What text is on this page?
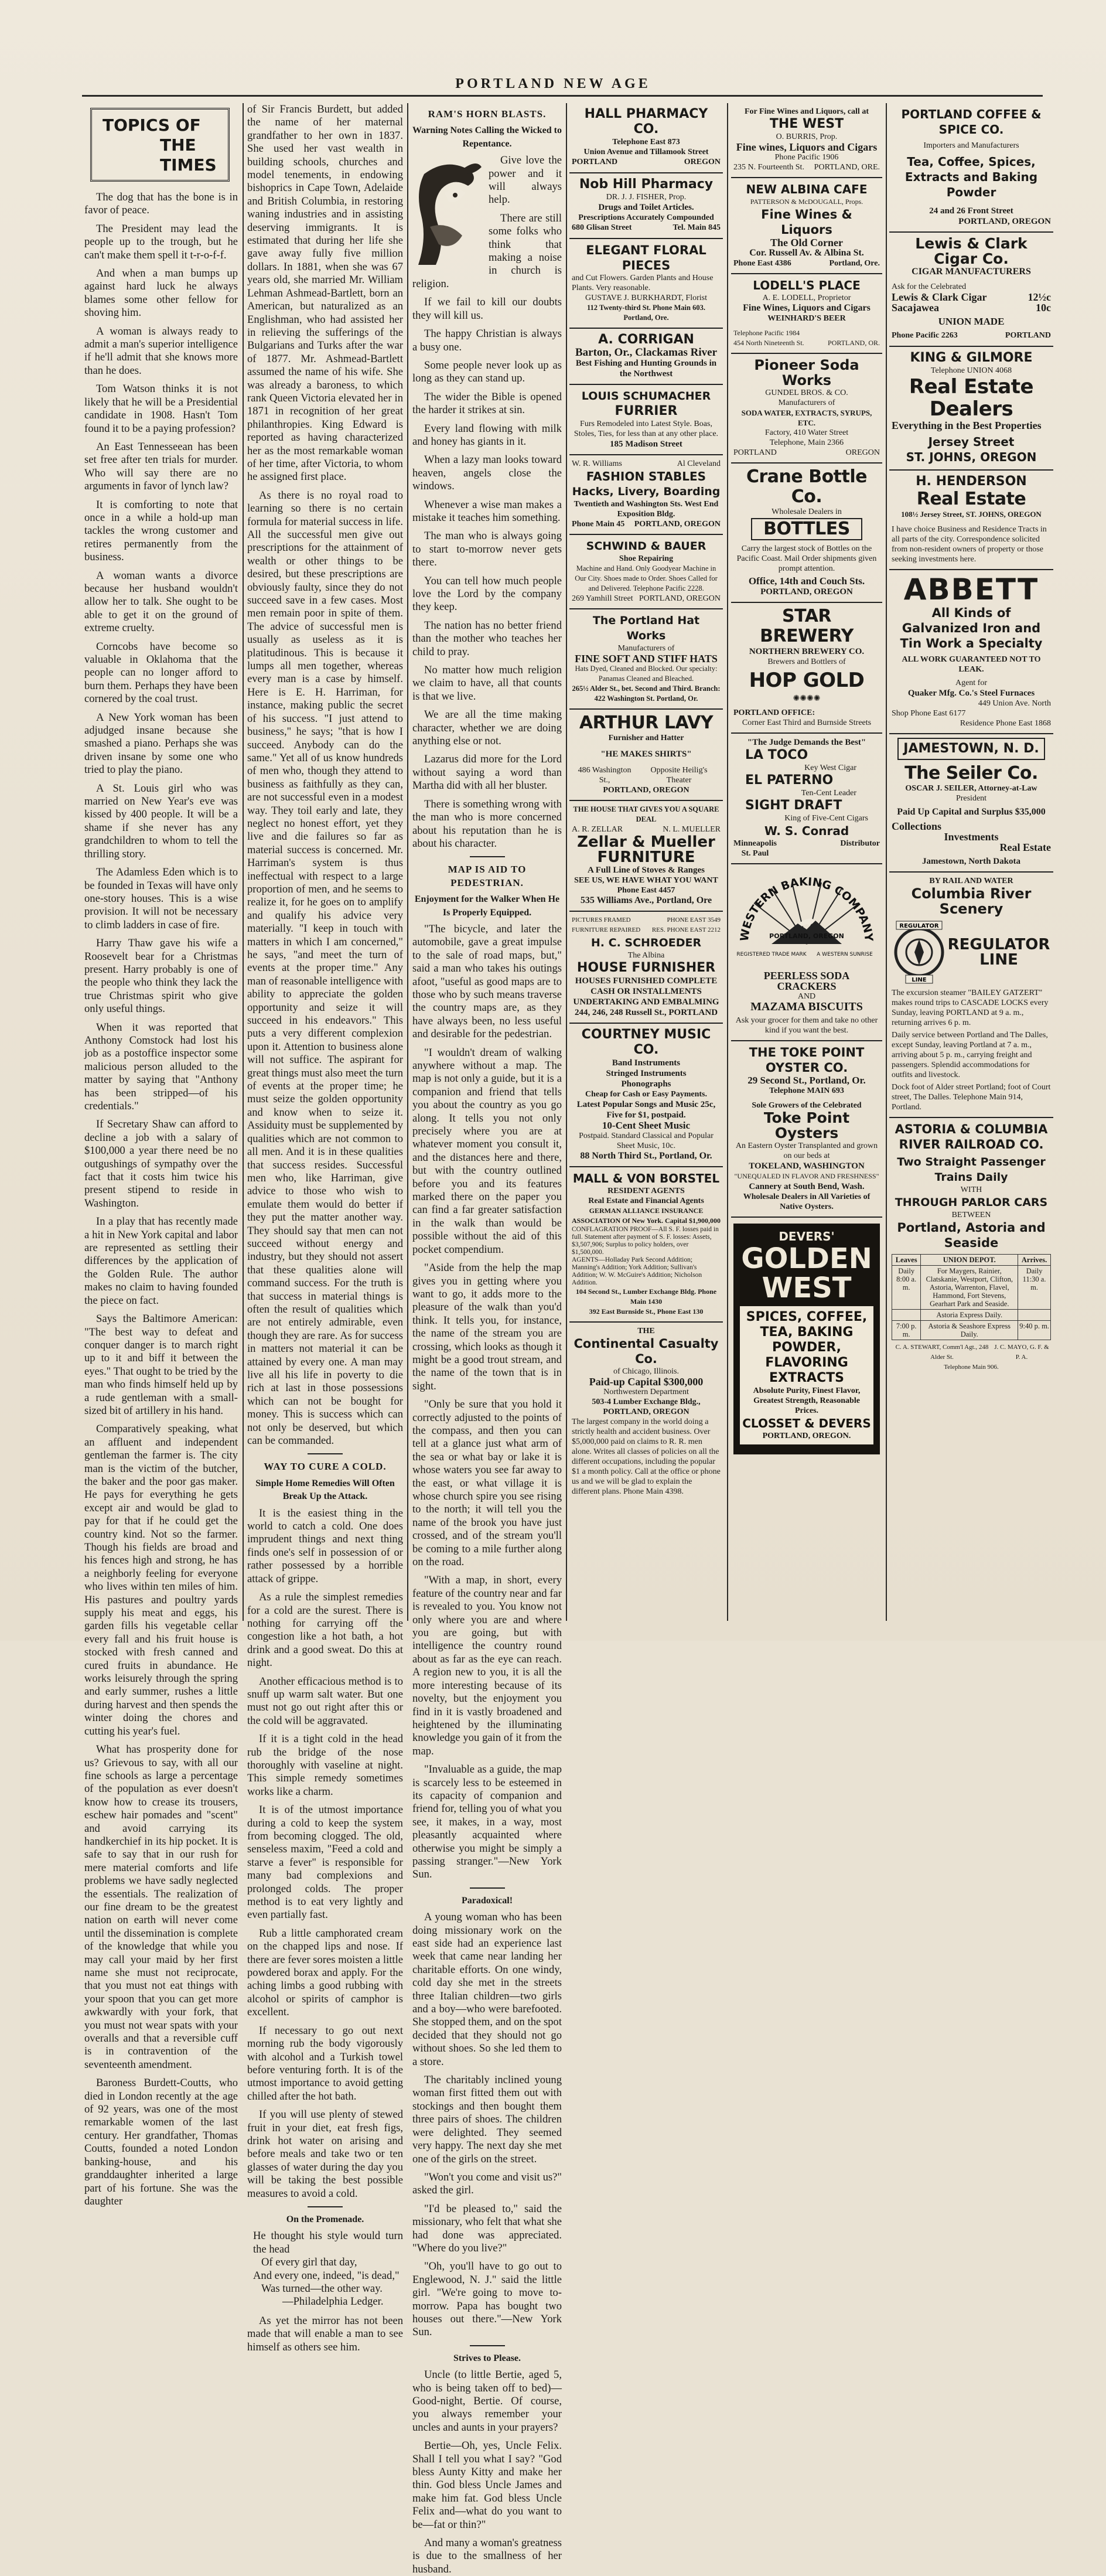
PORTLAND NEW AGE
TOPICS OF
THE TIMES

The dog that has the bone is in favor of peace.

The President may lead the people up to the trough, but he can't make them spell it t-r-o-f-f.

And when a man bumps up against hard luck he always blames some other fellow for shoving him.

A woman is always ready to admit a man's superior intelligence if he'll admit that she knows more than he does.

Tom Watson thinks it is not likely that he will be a Presidential candidate in 1908. Hasn't Tom found it to be a paying profession?

An East Tennesseean has been set free after ten trials for murder. Who will say there are no arguments in favor of lynch law?

It is comforting to note that once in a while a hold-up man tackles the wrong customer and retires permanently from the business.

A woman wants a divorce because her husband wouldn't allow her to talk. She ought to be able to get it on the ground of extreme cruelty.

Corncobs have become so valuable in Oklahoma that the people can no longer afford to burn them. Perhaps they have been cornered by the coal trust.

A New York woman has been adjudged insane because she smashed a piano. Perhaps she was driven insane by some one who tried to play the piano.

A St. Louis girl who was married on New Year's eve was kissed by 400 people. It will be a shame if she never has any grandchildren to whom to tell the thrilling story.

The Adamless Eden which is to be founded in Texas will have only one-story houses. This is a wise provision. It will not be necessary to climb ladders in case of fire.

Harry Thaw gave his wife a Roosevelt bear for a Christmas present. Harry probably is one of the people who think they lack the true Christmas spirit who give only useful things.

When it was reported that Anthony Comstock had lost his job as a postoffice inspector some malicious person alluded to the matter by saying that "Anthony has been stripped—of his credentials."

If Secretary Shaw can afford to decline a job with a salary of $100,000 a year there need be no outgushings of sympathy over the fact that it costs him twice his present stipend to reside in Washington.

In a play that has recently made a hit in New York capital and labor are represented as settling their differences by the application of the Golden Rule. The author makes no claim to having founded the piece on fact.

Says the Baltimore American: "The best way to defeat and conquer danger is to march right up to it and biff it between the eyes." That ought to be tried by the man who finds himself held up by a rude gentleman with a small-sized bit of artillery in his hand.

Comparatively speaking, what an affluent and independent gentleman the farmer is. The city man is the victim of the butcher, the baker and the poor gas maker. He pays for everything he gets except air and would be glad to pay for that if he could get the country kind. Not so the farmer. Though his fields are broad and his fences high and strong, he has a neighborly feeling for everyone who lives within ten miles of him. His pastures and poultry yards supply his meat and eggs, his garden fills his vegetable cellar every fall and his fruit house is stocked with fresh canned and cured fruits in abundance. He works leisurely through the spring and early summer, rushes a little during harvest and then spends the winter doing the chores and cutting his year's fuel.

What has prosperity done for us? Grievous to say, with all our fine schools as large a percentage of the population as ever doesn't know how to crease its trousers, eschew hair pomades and "scent" and avoid carrying its handkerchief in its hip pocket. It is safe to say that in our rush for mere material comforts and life problems we have sadly neglected the essentials. The realization of our fine dream to be the greatest nation on earth will never come until the dissemination is complete of the knowledge that while you may call your maid by her first name she must not reciprocate, that you must not eat things with your spoon that you can get more awkwardly with your fork, that you must not wear spats with your overalls and that a reversible cuff is in contravention of the seventeenth amendment.

Baroness Burdett-Coutts, who died in London recently at the age of 92 years, was one of the most remarkable women of the last century. Her grandfather, Thomas Coutts, founded a noted London banking-house, and his granddaughter inherited a large part of his fortune. She was the daughter

of Sir Francis Burdett, but added the name of her maternal grandfather to her own in 1837. She used her vast wealth in building schools, churches and model tenements, in endowing bishoprics in Cape Town, Adelaide and British Columbia, in restoring waning industries and in assisting deserving immigrants. It is estimated that during her life she gave away fully five million dollars. In 1881, when she was 67 years old, she married Mr. William Lehman Ashmead-Bartlett, born an American, but naturalized as an Englishman, who had assisted her in relieving the sufferings of the Bulgarians and Turks after the war of 1877. Mr. Ashmead-Bartlett assumed the name of his wife. She was already a baroness, to which rank Queen Victoria elevated her in 1871 in recognition of her great philanthropies. King Edward is reported as having characterized her as the most remarkable woman of her time, after Victoria, to whom he assigned first place.

As there is no royal road to learning so there is no certain formula for material success in life. All the successful men give out prescriptions for the attainment of wealth or other things to be desired, but these prescriptions are obviously faulty, since they do not succeed save in a few cases. Most men remain poor in spite of them. The advice of successful men is usually as useless as it is platitudinous. This is because it lumps all men together, whereas every man is a case by himself. Here is E. H. Harriman, for instance, making public the secret of his success. "I just attend to business," he says; "that is how I succeed. Anybody can do the same." Yet all of us know hundreds of men who, though they attend to business as faithfully as they can, are not successful even in a modest way. They toil early and late, they neglect no honest effort, yet they live and die failures so far as material success is concerned. Mr. Harriman's system is thus ineffectual with respect to a large proportion of men, and he seems to realize it, for he goes on to amplify and qualify his advice very materially. "I keep in touch with matters in which I am concerned," he says, "and meet the turn of events at the proper time." Any man of reasonable intelligence with ability to appreciate the golden opportunity and seize it will succeed in his endeavors." This puts a very different complexion upon it. Attention to business alone will not suffice. The aspirant for great things must also meet the turn of events at the proper time; he must seize the golden opportunity and know when to seize it. Assiduity must be supplemented by qualities which are not common to all men. And it is in these qualities that success resides. Successful men who, like Harriman, give advice to those who wish to emulate them would do better if they put the matter another way. They should say that men can not succeed without energy and industry, but they should not assert that these qualities alone will command success. For the truth is that success in material things is often the result of qualities which are not entirely admirable, even though they are rare. As for success in matters not material it can be attained by every one. A man may live all his life in poverty to die rich at last in those possessions which can not be bought for money. This is success which can not only be deserved, but which can be commanded.

WAY TO CURE A COLD.
Simple Home Remedies Will Often Break Up the Attack.

It is the easiest thing in the world to catch a cold. One does imprudent things and next thing finds one's self in possession of or rather possessed by a horrible attack of grippe.

As a rule the simplest remedies for a cold are the surest. There is nothing for carrying off the congestion like a hot bath, a hot drink and a good sweat. Do this at night.

Another efficacious method is to snuff up warm salt water. But one must not go out right after this or the cold will be aggravated.

If it is a tight cold in the head rub the bridge of the nose thoroughly with vaseline at night. This simple remedy sometimes works like a charm.

It is of the utmost importance during a cold to keep the system from becoming clogged. The old, senseless maxim, "Feed a cold and starve a fever" is responsible for many bad complexions and prolonged colds. The proper method is to eat very lightly and even partially fast.

Rub a little camphorated cream on the chapped lips and nose. If there are fever sores moisten a little powdered borax and apply. For the aching limbs a good rubbing with alcohol or spirits of camphor is excellent.

If necessary to go out next morning rub the body vigorously with alcohol and a Turkish towel before venturing forth. It is of the utmost importance to avoid getting chilled after the hot bath.

If you will use plenty of stewed fruit in your diet, eat fresh figs, drink hot water on arising and before meals and take two or ten glasses of water during the day you will be taking the best possible measures to avoid a cold.

On the Promenade.
He thought his style would turn the head
Of every girl that day,
And every one, indeed, "is dead,"
Was turned—the other way.
—Philadelphia Ledger.

As yet the mirror has not been made that will enable a man to see himself as others see him.

RAM'S HORN BLASTS.
Warning Notes Calling the Wicked to Repentance.

Give love the power and it will always help.

There are still some folks who think that making a noise in church is religion.

If we fail to kill our doubts they will kill us.

The happy Christian is always a busy one.

Some people never look up as long as they can stand up.

The wider the Bible is opened the harder it strikes at sin.

Every land flowing with milk and honey has giants in it.

When a lazy man looks toward heaven, angels close the windows.

Whenever a wise man makes a mistake it teaches him something.

The man who is always going to start to-morrow never gets there.

You can tell how much people love the Lord by the company they keep.

The nation has no better friend than the mother who teaches her child to pray.

No matter how much religion we claim to have, all that counts is that we live.

We are all the time making character, whether we are doing anything else or not.

Lazarus did more for the Lord without saying a word than Martha did with all her bluster.

There is something wrong with the man who is more concerned about his reputation than he is about his character.

MAP IS AID TO PEDESTRIAN.
Enjoyment for the Walker When He Is Properly Equipped.

"The bicycle, and later the automobile, gave a great impulse to the sale of road maps, but," said a man who takes his outings afoot, "useful as good maps are to those who by such means traverse the country maps are, as they have always been, no less useful and desirable for the pedestrian.

"I wouldn't dream of walking anywhere without a map. The map is not only a guide, but it is a companion and friend that tells you about the country as you go along. It tells you not only precisely where you are at whatever moment you consult it, and the distances here and there, but with the country outlined before you and its features marked there on the paper you can find a far greater satisfaction in the walk than would be possible without the aid of this pocket compendium.

"Aside from the help the map gives you in getting where you want to go, it adds more to the pleasure of the walk than you'd think. It tells you, for instance, the name of the stream you are crossing, which looks as though it might be a good trout stream, and the name of the town that is in sight.

"Only be sure that you hold it correctly adjusted to the points of the compass, and then you can tell at a glance just what arm of the sea or what bay or lake it is whose waters you see far away to the east, or what village it is whose church spire you see rising to the north; it will tell you the name of the brook you have just crossed, and of the stream you'll be coming to a mile further along on the road.

"With a map, in short, every feature of the country near and far is revealed to you. You know not only where you are and where you are going, but with intelligence the country round about as far as the eye can reach. A region new to you, it is all the more interesting because of its novelty, but the enjoyment you find in it is vastly broadened and heightened by the illuminating knowledge you gain of it from the map.

"Invaluable as a guide, the map is scarcely less to be esteemed in its capacity of companion and friend for, telling you of what you see, it makes, in a way, most pleasantly acquainted where otherwise you might be simply a passing stranger."—New York Sun.

Paradoxical!

A young woman who has been doing missionary work on the east side had an experience last week that came near landing her charitable efforts. On one windy, cold day she met in the streets three Italian children—two girls and a boy—who were barefooted. She stopped them, and on the spot decided that they should not go without shoes. So she led them to a store.

The charitably inclined young woman first fitted them out with stockings and then bought them three pairs of shoes. The children were delighted. They seemed very happy. The next day she met one of the girls on the street.

"Won't you come and visit us?" asked the girl.

"I'd be pleased to," said the missionary, who felt that what she had done was appreciated. "Where do you live?"

"Oh, you'll have to go out to Englewood, N. J." said the little girl. "We're going to move to-morrow. Papa has bought two houses out there."—New York Sun.

Strives to Please.

Uncle (to little Bertie, aged 5, who is being taken off to bed)—Good-night, Bertie. Of course, you always remember your uncles and aunts in your prayers?

Bertie—Oh, yes, Uncle Felix. Shall I tell you what I say? "God bless Aunty Kitty and make her thin. God bless Uncle James and make him fat. God bless Uncle Felix and—what do you want to be—fat or thin?"

And many a woman's greatness is due to the smallness of her husband.

HALL PHARMACY CO.
Telephone East 873
Union Avenue and Tillamook Street
PORTLAND	OREGON
Nob Hill Pharmacy
DR. J. J. FISHER, Prop.
Drugs and Toilet Articles.
Prescriptions Accurately Compounded
680 Glisan Street	Tel. Main 845
ELEGANT FLORAL PIECES
and Cut Flowers. Garden Plants and House Plants. Very reasonable.
GUSTAVE J. BURKHARDT, Florist
112 Twenty-third St. Phone Main 603. Portland, Ore.
A. CORRIGAN
Barton, Or., Clackamas River
Best Fishing and Hunting Grounds in the Northwest
LOUIS SCHUMACHER
FURRIER
Furs Remodeled into Latest Style. Boas, Stoles, Ties, for less than at any other place.
185 Madison Street
W. R. Williams	Al Cleveland
FASHION STABLES
Hacks, Livery, Boarding
Twentieth and Washington Sts. West End Exposition Bldg.
Phone Main 45 PORTLAND, OREGON
SCHWIND & BAUER
Shoe Repairing
Machine and Hand. Only Goodyear Machine in Our City. Shoes made to Order. Shoes Called for and Delivered. Telephone Pacific 2228.
269 Yamhill Street PORTLAND, OREGON
The Portland Hat Works
Manufacturers of
FINE SOFT AND STIFF HATS
Hats Dyed, Cleaned and Blocked. Our specialty: Panamas Cleaned and Bleached.
265½ Alder St., bet. Second and Third. Branch: 422 Washington St. Portland, Or.
ARTHUR LAVY
Furnisher and Hatter
"HE MAKES SHIRTS"
486 Washington St.,
Opposite Heilig's Theater
PORTLAND, OREGON
THE HOUSE THAT GIVES YOU A SQUARE DEAL
A. R. ZELLAR	N. L. MUELLER
Zellar & Mueller
FURNITURE
A Full Line of Stoves & Ranges
SEE US, WE HAVE WHAT YOU WANT
Phone East 4457
535 Williams Ave., Portland, Ore
PICTURES FRAMED	PHONE EAST 3549
FURNITURE REPAIRED RES. PHONE EAST 2212
H. C. SCHROEDER
The Albina
HOUSE FURNISHER
HOUSES FURNISHED COMPLETE
CASH OR INSTALLMENTS
UNDERTAKING AND EMBALMING
244, 246, 248 Russell St., PORTLAND
COURTNEY MUSIC CO.
Band Instruments
Stringed Instruments
Phonographs
Cheap for Cash or Easy Payments.
Latest Popular Songs and Music 25c, Five for $1, postpaid.
10-Cent Sheet Music
Postpaid. Standard Classical and Popular Sheet Music, 10c.
88 North Third St., Portland, Or.
MALL & VON BORSTEL
RESIDENT AGENTS
Real Estate and Financial Agents
GERMAN ALLIANCE INSURANCE ASSOCIATION Of New York. Capital $1,900,000
CONFLAGRATION PROOF—All S. F. losses paid in full. Statement after payment of S. F. losses: Assets, $3,507,906; Surplus to policy holders, over $1,500,000.
AGENTS—Holladay Park Second Addition; Manning's Addition; York Addition; Sullivan's Addition; W. W. McGuire's Addition; Nicholson Addition.
104 Second St., Lumber Exchange Bldg. Phone Main 1430
392 East Burnside St., Phone East 130
THE
Continental Casualty Co.
of Chicago, Illinois.
Paid-up Capital $300,000
Northwestern Department
503-4 Lumber Exchange Bldg.,
PORTLAND, OREGON
The largest company in the world doing a strictly health and accident business. Over $5,000,000 paid on claims to R. R. men alone. Writes all classes of policies on all the different occupations, including the popular $1 a month policy. Call at the office or phone us and we will be glad to explain the different plans. Phone Main 4398.
For Fine Wines and Liquors, call at
THE WEST
O. BURRIS, Prop.
Fine wines, Liquors and Cigars
Phone Pacific 1906
235 N. Fourteenth St. PORTLAND, ORE.
NEW ALBINA CAFE
PATTERSON & McDOUGALL, Props.
Fine Wines & Liquors
The Old Corner
Cor. Russell Av. & Albina St.
Phone East 4386	Portland, Ore.
LODELL'S PLACE
A. E. LODELL, Proprietor
Fine Wines, Liquors and Cigars
WEINHARD'S BEER
Telephone Pacific 1984
454 North Nineteenth St.	PORTLAND, OR.
Pioneer Soda Works
GUNDEL BROS. & CO.
Manufacturers of
SODA WATER, EXTRACTS, SYRUPS, ETC.
Factory, 410 Water Street
Telephone, Main 2366
PORTLAND	OREGON
Crane Bottle Co.
Wholesale Dealers in
BOTTLES
Carry the largest stock of Bottles on the Pacific Coast. Mail Order shipments given prompt attention.
Office, 14th and Couch Sts.
PORTLAND, OREGON
STAR BREWERY
NORTHERN BREWERY CO.
Brewers and Bottlers of
HOP GOLD
✺✺✺✺
PORTLAND OFFICE:
Corner East Third and Burnside Streets
"The Judge Demands the Best"
LA TOCO
Key West Cigar
EL PATERNO
Ten-Cent Leader
SIGHT DRAFT
King of Five-Cent Cigars
W. S. Conrad
Minneapolis
St. Paul
Distributor
WESTERN BAKING COMPANY
PORTLAND, OREGON
REGISTERED TRADE MARK A WESTERN SUNRISE
PEERLESS SODA CRACKERS
AND
MAZAMA BISCUITS
Ask your grocer for them and take no other kind if you want the best.
THE TOKE POINT OYSTER CO.
29 Second St., Portland, Or.
Telephone MAIN 693
Sole Growers of the Celebrated
Toke Point Oysters
An Eastern Oyster Transplanted and grown on our beds at
TOKELAND, WASHINGTON
"UNEQUALED IN FLAVOR AND FRESHNESS"
Cannery at South Bend, Wash.
Wholesale Dealers in All Varieties of Native Oysters.
DEVERS'
GOLDEN
WEST
SPICES, COFFEE, TEA, BAKING POWDER, FLAVORING EXTRACTS
Absolute Purity, Finest Flavor, Greatest Strength, Reasonable Prices.
CLOSSET & DEVERS
PORTLAND, OREGON.
PORTLAND COFFEE & SPICE CO.
Importers and Manufacturers
Tea, Coffee, Spices, Extracts and Baking Powder
24 and 26 Front Street
PORTLAND, OREGON
Lewis & Clark Cigar Co.
CIGAR MANUFACTURERS
Ask for the Celebrated
Lewis & Clark Cigar	12½c
Sacajawea	10c
UNION MADE
Phone Pacific 2263	PORTLAND
KING & GILMORE
Telephone UNION 4068
Real Estate
Dealers
Everything in the Best Properties
Jersey Street
ST. JOHNS, OREGON
H. HENDERSON
Real Estate
108½ Jersey Street, ST. JOHNS, OREGON
I have choice Business and Residence Tracts in all parts of the city. Correspondence solicited from non-resident owners of property or those seeking investments here.
ABBETT
All Kinds of Galvanized Iron and Tin Work a Specialty
ALL WORK GUARANTEED NOT TO LEAK.
Agent for
Quaker Mfg. Co.'s Steel Furnaces
449 Union Ave. North
Shop Phone East 6177
Residence Phone East 1868
JAMESTOWN, N. D.
The Seiler Co.
OSCAR J. SEILER, Attorney-at-Law
President
Paid Up Capital and Surplus $35,000
Collections
Investments
Real Estate
Jamestown, North Dakota
BY RAIL AND WATER
Columbia River Scenery
REGULATOR
LINE
REGULATOR
LINE
The excursion steamer "BAILEY GATZERT" makes round trips to CASCADE LOCKS every Sunday, leaving PORTLAND at 9 a. m., returning arrives 6 p. m.
Daily service between Portland and The Dalles, except Sunday, leaving Portland at 7 a. m., arriving about 5 p. m., carrying freight and passengers. Splendid accommodations for outfits and livestock.
Dock foot of Alder street Portland; foot of Court street, The Dalles. Telephone Main 914, Portland.
ASTORIA & COLUMBIA RIVER RAILROAD CO.
Two Straight Passenger Trains Daily
WITH
THROUGH PARLOR CARS
BETWEEN
Portland, Astoria and Seaside
Leaves	UNION DEPOT.	Arrives.
Daily 8:00 a. m.	For Maygers, Rainier, Clatskanie, Westport, Clifton, Astoria, Warrenton, Flavel, Hammond, Fort Stevens, Gearhart Park and Seaside.	Daily 11:30 a. m.
	Astoria Express Daily.	
7:00 p. m.	Astoria & Seashore Express Daily.	9:40 p. m.
C. A. STEWART, Comm'l Agt., 248 Alder St.
J. C. MAYO, G. F. & P. A.
Telephone Main 906.
